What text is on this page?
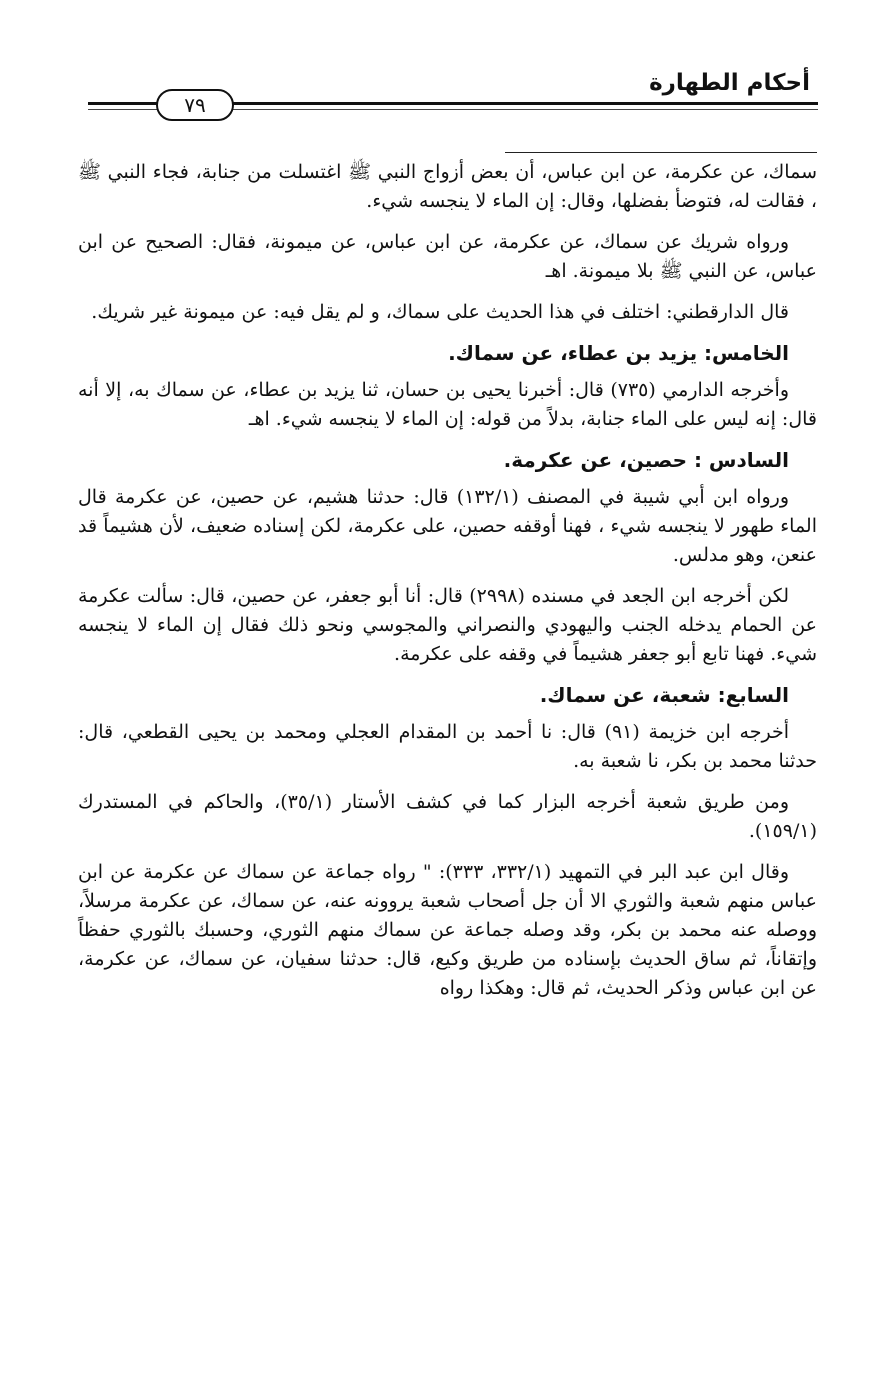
أحكام الطهارة
٧٩

سماك، عن عكرمة، عن ابن عباس، أن بعض أزواج النبي ﷺ اغتسلت من جنابة، فجاء النبي ﷺ ، فقالت له، فتوضأ بفضلها، وقال: إن الماء لا ينجسه شيء.

ورواه شريك عن سماك، عن عكرمة، عن ابن عباس، عن ميمونة، فقال: الصحيح عن ابن عباس، عن النبي ﷺ بلا ميمونة. اهـ

قال الدارقطني: اختلف في هذا الحديث على سماك، و لم يقل فيه: عن ميمونة غير شريك.

الخامس: يزيد بن عطاء، عن سماك.

وأخرجه الدارمي (٧٣٥) قال: أخبرنا يحيى بن حسان، ثنا يزيد بن عطاء، عن سماك به، إلا أنه قال: إنه ليس على الماء جنابة، بدلاً من قوله: إن الماء لا ينجسه شيء. اهـ

السادس : حصين، عن عكرمة.

ورواه ابن أبي شيبة في المصنف (١٣٢/١) قال: حدثنا هشيم، عن حصين، عن عكرمة قال الماء طهور لا ينجسه شيء ، فهنا أوقفه حصين، على عكرمة، لكن إسناده ضعيف، لأن هشيماً قد عنعن، وهو مدلس.

لكن أخرجه ابن الجعد في مسنده (٢٩٩٨) قال: أنا أبو جعفر، عن حصين، قال: سألت عكرمة عن الحمام يدخله الجنب واليهودي والنصراني والمجوسي ونحو ذلك فقال إن الماء لا ينجسه شيء. فهنا تابع أبو جعفر هشيماً في وقفه على عكرمة.

السابع: شعبة، عن سماك.

أخرجه ابن خزيمة (٩١) قال: نا أحمد بن المقدام العجلي ومحمد بن يحيى القطعي، قال: حدثنا محمد بن بكر، نا شعبة به.

ومن طريق شعبة أخرجه البزار كما في كشف الأستار (٣٥/١)، والحاكم في المستدرك (١٥٩/١).

وقال ابن عبد البر في التمهيد (٣٣٢/١، ٣٣٣): " رواه جماعة عن سماك عن عكرمة عن ابن عباس منهم شعبة والثوري الا أن جل أصحاب شعبة يروونه عنه، عن سماك، عن عكرمة مرسلاً، ووصله عنه محمد بن بكر، وقد وصله جماعة عن سماك منهم الثوري، وحسبك بالثوري حفظاً وإتقاناً، ثم ساق الحديث بإسناده من طريق وكيع، قال: حدثنا سفيان، عن سماك، عن عكرمة، عن ابن عباس وذكر الحديث، ثم قال: وهكذا رواه
